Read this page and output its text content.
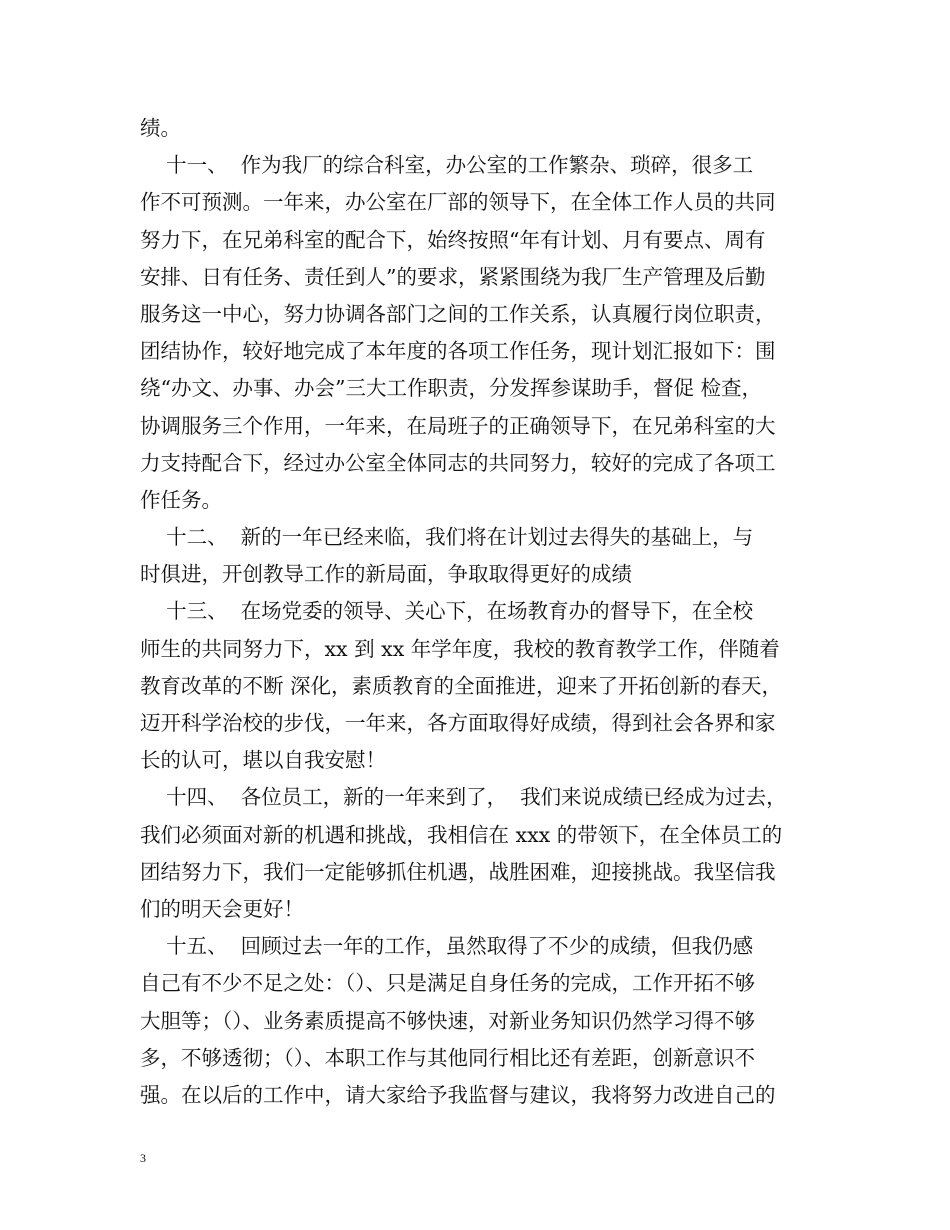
绩。
十一、  作为我厂的综合科室，办公室的工作繁杂、琐碎，很多工
作不可预测。一年来，办公室在厂部的领导下，在全体工作人员的共同
努力下，在兄弟科室的配合下，始终按照“年有计划、月有要点、周有
安排、日有任务、责任到人”的要求，紧紧围绕为我厂生产管理及后勤
服务这一中心，努力协调各部门之间的工作关系，认真履行岗位职责，
团结协作，较好地完成了本年度的各项工作任务，现计划汇报如下：围
绕“办文、办事、办会”三大工作职责，分发挥参谋助手，督促 检查，
协调服务三个作用，一年来，在局班子的正确领导下，在兄弟科室的大
力支持配合下，经过办公室全体同志的共同努力，较好的完成了各项工
作任务。
十二、  新的一年已经来临，我们将在计划过去得失的基础上，与
时俱进，开创教导工作的新局面，争取取得更好的成绩
十三、  在场党委的领导、关心下，在场教育办的督导下，在全校
师生的共同努力下，xx 到 xx 年学年度，我校的教育教学工作，伴随着
教育改革的不断 深化，素质教育的全面推进，迎来了开拓创新的春天，
迈开科学治校的步伐，一年来，各方面取得好成绩，得到社会各界和家
长的认可，堪以自我安慰！
十四、  各位员工，新的一年来到了，  我们来说成绩已经成为过去，
我们必须面对新的机遇和挑战，我相信在 xxx 的带领下，在全体员工的
团结努力下，我们一定能够抓住机遇，战胜困难，迎接挑战。我坚信我
们的明天会更好！
十五、  回顾过去一年的工作，虽然取得了不少的成绩，但我仍感
自己有不少不足之处：（）、只是满足自身任务的完成，工作开拓不够
大胆等；（）、业务素质提高不够快速，对新业务知识仍然学习得不够
多，不够透彻；（）、本职工作与其他同行相比还有差距，创新意识不
强。在以后的工作中，请大家给予我监督与建议，我将努力改进自己的
3
